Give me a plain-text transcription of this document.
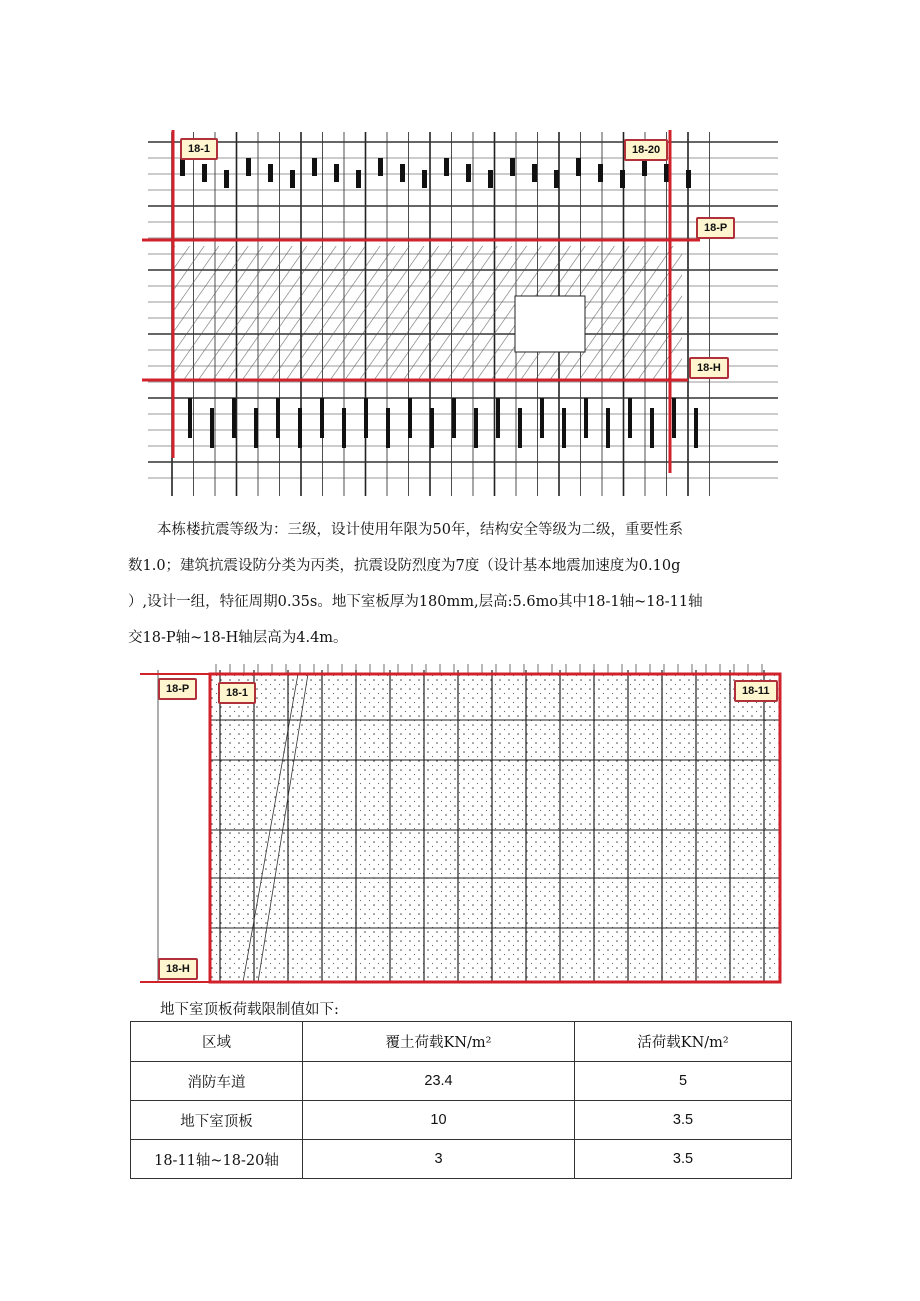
18-1	18-20
18-P
18-H

本栋楼抗震等级为：三级，设计使用年限为50年，结构安全等级为二级，重要性系

数1.0；建筑抗震设防分类为丙类，抗震设防烈度为7度（设计基本地震加速度为0.10g
）,设计一组，特征周期0.35s。地下室板厚为180mm,层高:5.6mo其中18-1轴~18-11轴
交18-P轴~18-H轴层高为4.4m。
18-P	18-1	18-11
18-H
地下室顶板荷载限制值如下:
区域	覆土荷载KN/m²	活荷载KN/m²
消防车道	23.4	5
地下室顶板	10	3.5
18-11轴~18-20轴	3	3.5
